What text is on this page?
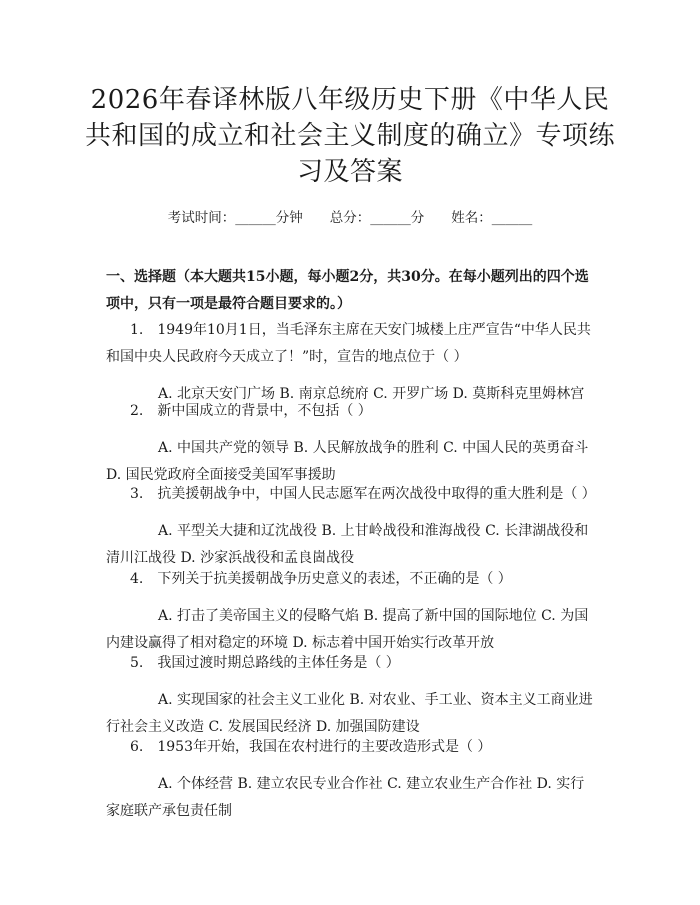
2026年春译林版八年级历史下册《中华人民共和国的成立和社会主义制度的确立》专项练习及答案
考试时间：______分钟　　总分：______分　　姓名：______
一、选择题（本大题共15小题，每小题2分，共30分。在每小题列出的四个选项中，只有一项是最符合题目要求的。）
1.　1949年10月1日，当毛泽东主席在天安门城楼上庄严宣告“中华人民共和国中央人民政府今天成立了！”时，宣告的地点位于（ ）
A. 北京天安门广场 B. 南京总统府 C. 开罗广场 D. 莫斯科克里姆林宫
2.　新中国成立的背景中，不包括（ ）
A. 中国共产党的领导 B. 人民解放战争的胜利 C. 中国人民的英勇奋斗 D. 国民党政府全面接受美国军事援助
3.　抗美援朝战争中，中国人民志愿军在两次战役中取得的重大胜利是（ ）
A. 平型关大捷和辽沈战役 B. 上甘岭战役和淮海战役 C. 长津湖战役和清川江战役 D. 沙家浜战役和孟良崮战役
4.　下列关于抗美援朝战争历史意义的表述，不正确的是（ ）
A. 打击了美帝国主义的侵略气焰 B. 提高了新中国的国际地位 C. 为国内建设赢得了相对稳定的环境 D. 标志着中国开始实行改革开放
5.　我国过渡时期总路线的主体任务是（ ）
A. 实现国家的社会主义工业化 B. 对农业、手工业、资本主义工商业进行社会主义改造 C. 发展国民经济 D. 加强国防建设
6.　1953年开始，我国在农村进行的主要改造形式是（ ）
A. 个体经营 B. 建立农民专业合作社 C. 建立农业生产合作社 D. 实行家庭联产承包责任制
